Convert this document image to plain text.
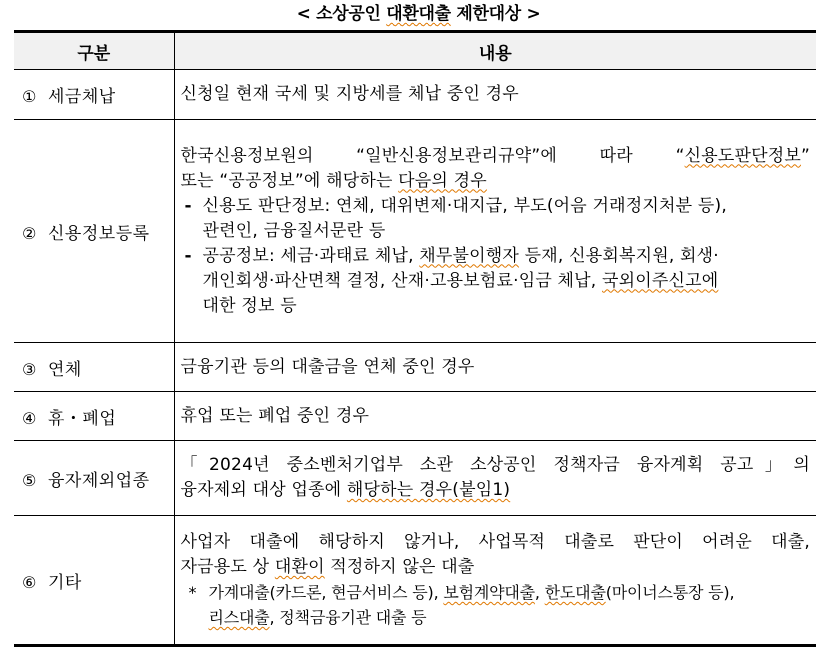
< 소상공인 대환대출 제한대상 >
구분	내용
① 세금체납	신청일 현재 국세 및 지방세를 체납 중인 경우

② 신용정보등록	
한국신용정보원의 “일반신용정보관리규약”에 따라 “신용도판단정보”
또는 “공공정보”에 해당하는 다음의 경우
- 신용도 판단정보: 연체, 대위변제·대지급, 부도(어음 거래정지처분 등),
관련인, 금융질서문란 등
- 공공정보: 세금·과태료 체납, 채무불이행자 등재, 신용회복지원, 회생·
개인회생·파산면책 결정, 산재·고용보험료·임금 체납, 국외이주신고에
대한 정보 등

③ 연체	금융기관 등의 대출금을 연체 중인 경우

④ 휴・폐업	휴업 또는 폐업 중인 경우

⑤ 융자제외업종	「2024년 중소벤처기업부 소관 소상공인 정책자금 융자계획 공고」의
융자제외 대상 업종에 해당하는 경우(붙임1)

⑥ 기타	사업자 대출에 해당하지 않거나, 사업목적 대출로 판단이 어려운 대출,
자금용도 상 대환이 적정하지 않은 대출
* 가계대출(카드론, 현금서비스 등), 보험계약대출, 한도대출(마이너스통장 등),
리스대출, 정책금융기관 대출 등
